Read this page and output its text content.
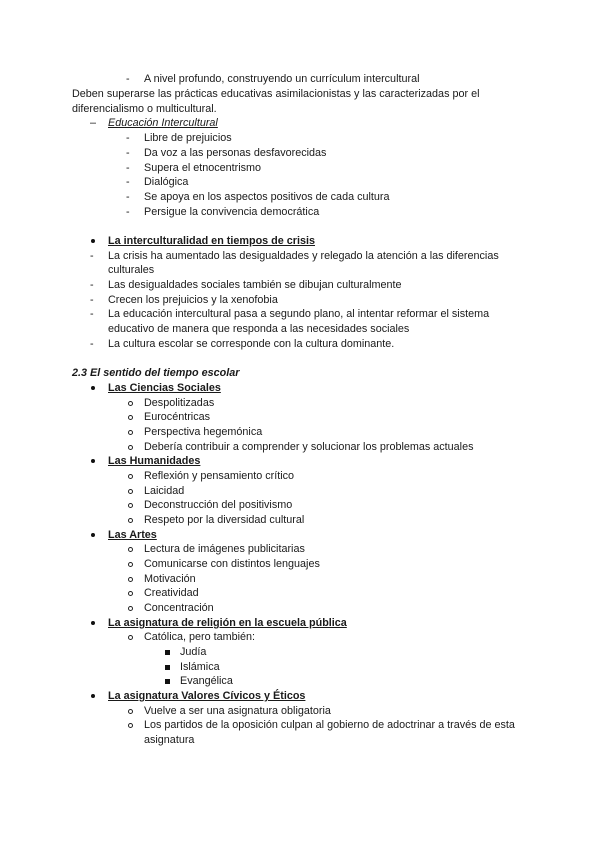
- A nivel profundo, construyendo un currículum intercultural
Deben superarse las prácticas educativas asimilacionistas y las caracterizadas por el
diferencialismo o multicultural.
– Educación Intercultural
- Libre de prejuicios
- Da voz a las personas desfavorecidas
- Supera el etnocentrismo
- Dialógica
- Se apoya en los aspectos positivos de cada cultura
- Persigue la convivencia democrática
La interculturalidad en tiempos de crisis
- La crisis ha aumentado las desigualdades y relegado la atención a las diferencias
culturales
- Las desigualdades sociales también se dibujan culturalmente
- Crecen los prejuicios y la xenofobia
- La educación intercultural pasa a segundo plano, al intentar reformar el sistema
educativo de manera que responda a las necesidades sociales
- La cultura escolar se corresponde con la cultura dominante.
2.3 El sentido del tiempo escolar
Las Ciencias Sociales
Despolitizadas
Eurocéntricas
Perspectiva hegemónica
Debería contribuir a comprender y solucionar los problemas actuales
Las Humanidades
Reflexión y pensamiento crítico
Laicidad
Deconstrucción del positivismo
Respeto por la diversidad cultural
Las Artes
Lectura de imágenes publicitarias
Comunicarse con distintos lenguajes
Motivación
Creatividad
Concentración
La asignatura de religión en la escuela pública
Católica, pero también:
Judía
Islámica
Evangélica
La asignatura Valores Cívicos y Éticos
Vuelve a ser una asignatura obligatoria
Los partidos de la oposición culpan al gobierno de adoctrinar a través de esta
asignatura
